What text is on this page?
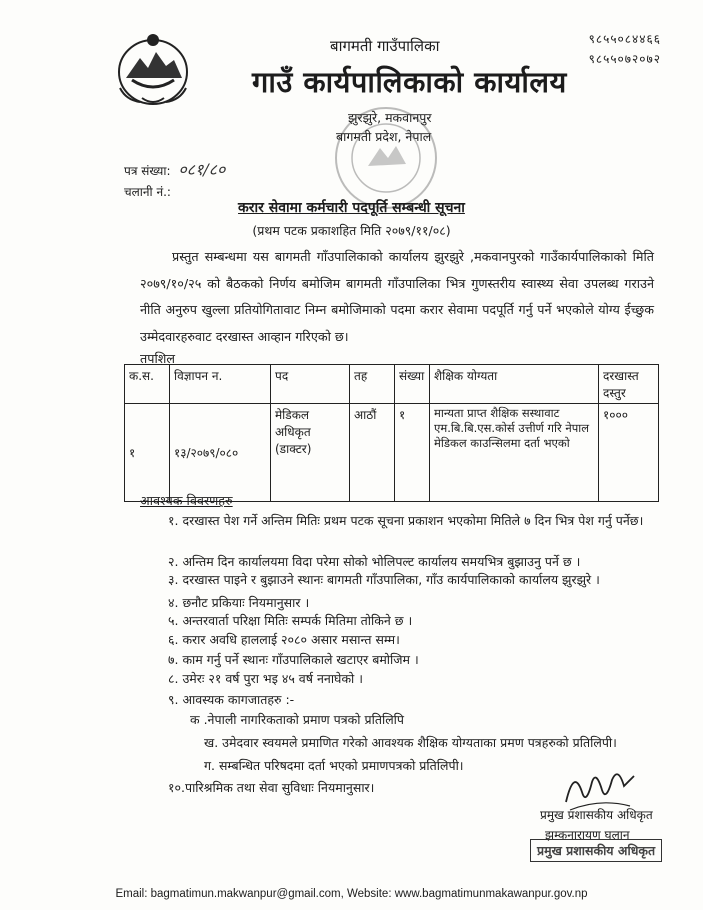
बागमती गाउँपालिका
गाउँ कार्यपालिकाको कार्यालय
झुरझुरे, मकवानपुर
बागमती प्रदेश, नेपाल
९८५५०८४४६६
९८५५०७२०७२
पत्र संख्या: ०८१/८०
चलानी नं.:
करार सेवामा कर्मचारी पदपूर्ति सम्बन्धी सूचना
(प्रथम पटक प्रकाशहित मिति २०७९/११/०८)
प्रस्तुत सम्बन्धमा यस बागमती गाँउपालिकाको कार्यालय झुरझुरे ,मकवानपुरको गाउँकार्यपालिकाको मिति २०७९/१०/२५ को बैठकको निर्णय बमोजिम बागमती गाँउपालिका भित्र गुणस्तरीय स्वास्थ्य सेवा उपलब्ध गराउने नीति अनुरुप खुल्ला प्रतियोगितावाट निम्न बमोजिमाको पदमा करार सेवामा पदपूर्ति गर्नु पर्ने भएकोले योग्य ईच्छुक उम्मेदवारहरुवाट दरखास्त आव्हान गरिएको छ।
तपशिल
क.स.	विज्ञापन न.	पद	तह	संख्या	शैक्षिक योग्यता	दरखास्त दस्तुर
१	१३/२०७९/०८०	मेडिकल अधिकृत (डाक्टर)	आठौं	१	मान्यता प्राप्त शैक्षिक सस्थावाट एम.बि.बि.एस.कोर्स उत्तीर्ण गरि नेपाल मेडिकल काउन्सिलमा दर्ता भएको	१०००
आवश्यक विवरणहरु
१. दरखास्त पेश गर्ने अन्तिम मितिः प्रथम पटक सूचना प्रकाशन भएकोमा मितिले ७ दिन भित्र पेश गर्नु पर्नेछ।
२. अन्तिम दिन कार्यालयमा विदा परेमा सोको भोलिपल्ट कार्यालय समयभित्र बुझाउनु पर्ने छ ।
३. दरखास्त पाइने र बुझाउने स्थानः बागमती गाँउपालिका, गाँउ कार्यपालिकाको कार्यालय झुरझुरे ।
४. छनौट प्रकियाः नियमानुसार ।
५. अन्तरवार्ता परिक्षा मितिः सम्पर्क मितिमा तोकिने छ ।
६. करार अवधि हाललाई २०८० असार मसान्त सम्म।
७. काम गर्नु पर्ने स्थानः गाँउपालिकाले खटाएर बमोजिम ।
८. उमेरः २१ वर्ष पुरा भइ ४५ वर्ष ननाघेको ।
९. आवस्यक कागजातहरु :-
क .नेपाली नागरिकताको प्रमाण पत्रको प्रतिलिपि
ख. उमेदवार स्वयमले प्रमाणित गरेको आवश्यक शैक्षिक योग्यताका प्रमण पत्रहरुको प्रतिलिपी।
ग. सम्बन्धित परिषदमा दर्ता भएको प्रमाणपत्रको प्रतिलिपी।
१०.पारिश्रमिक तथा सेवा सुविधाः नियमानुसार।
प्रमुख प्रशासकीय अधिकृत
झम्कनारायण घलान
प्रमुख प्रशासकीय अधिकृत
Email: bagmatimun.makwanpur@gmail.com, Website: www.bagmatimunmakawanpur.gov.np
